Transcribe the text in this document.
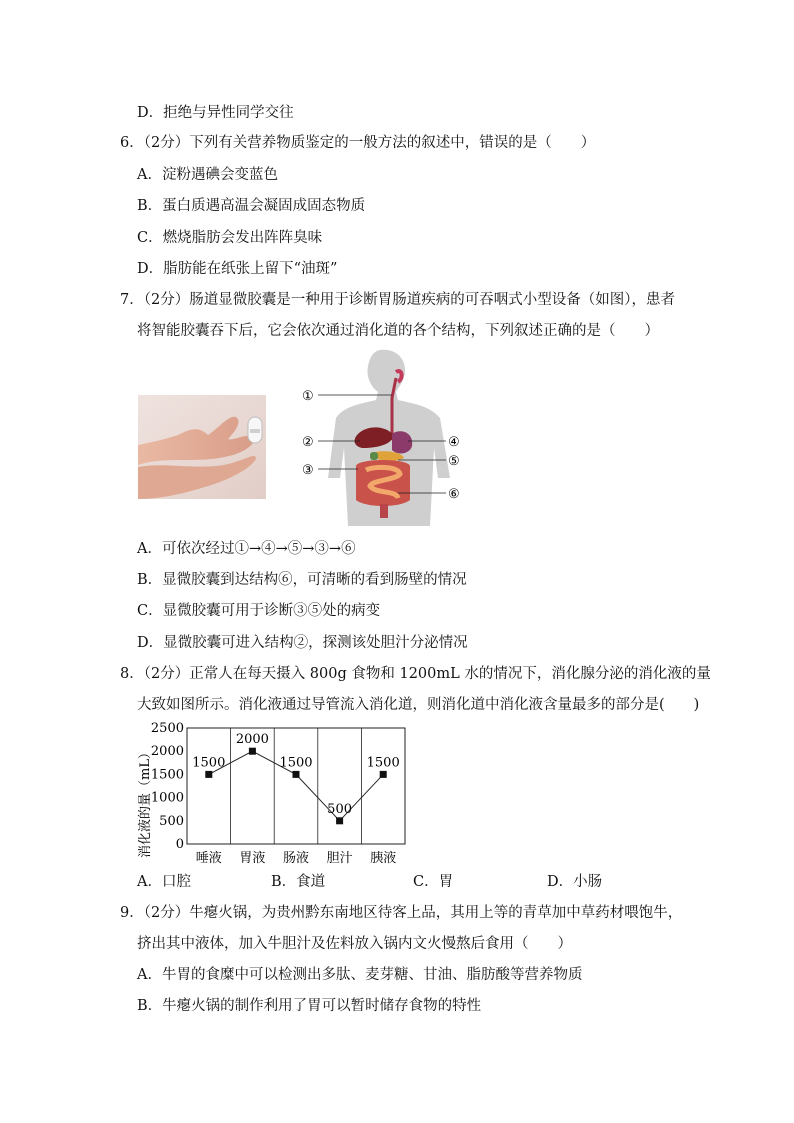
D．拒绝与异性同学交往
6．（2分）下列有关营养物质鉴定的一般方法的叙述中，错误的是（　　）
A．淀粉遇碘会变蓝色
B．蛋白质遇高温会凝固成固态物质
C．燃烧脂肪会发出阵阵臭味
D．脂肪能在纸张上留下“油斑”
7．（2分）肠道显微胶囊是一种用于诊断胃肠道疾病的可吞咽式小型设备（如图），患者
将智能胶囊吞下后，它会依次通过消化道的各个结构，下列叙述正确的是（　　）
①
②
③
④
⑤
⑥
A．可依次经过①→④→⑤→③→⑥
B．显微胶囊到达结构⑥，可清晰的看到肠壁的情况
C．显微胶囊可用于诊断③⑤处的病变
D．显微胶囊可进入结构②，探测该处胆汁分泌情况
8．（2分）正常人在每天摄入 800g 食物和 1200mL 水的情况下，消化腺分泌的消化液的量
大致如图所示。消化液通过导管流入消化道，则消化道中消化液含量最多的部分是(　　)
消化液的量（mL） 0
500
1000
1500
2000
2500
1500
2000
1500
500
1500
唾液 胃液 肠液 胆汁 胰液
A．口腔	B．食道	C．胃	D．小肠
9．（2分）牛瘪火锅，为贵州黔东南地区待客上品，其用上等的青草加中草药材喂饱牛，
挤出其中液体，加入牛胆汁及佐料放入锅内文火慢熬后食用（　　）
A．牛胃的食糜中可以检测出多肽、麦芽糖、甘油、脂肪酸等营养物质
B．牛瘪火锅的制作利用了胃可以暂时储存食物的特性
